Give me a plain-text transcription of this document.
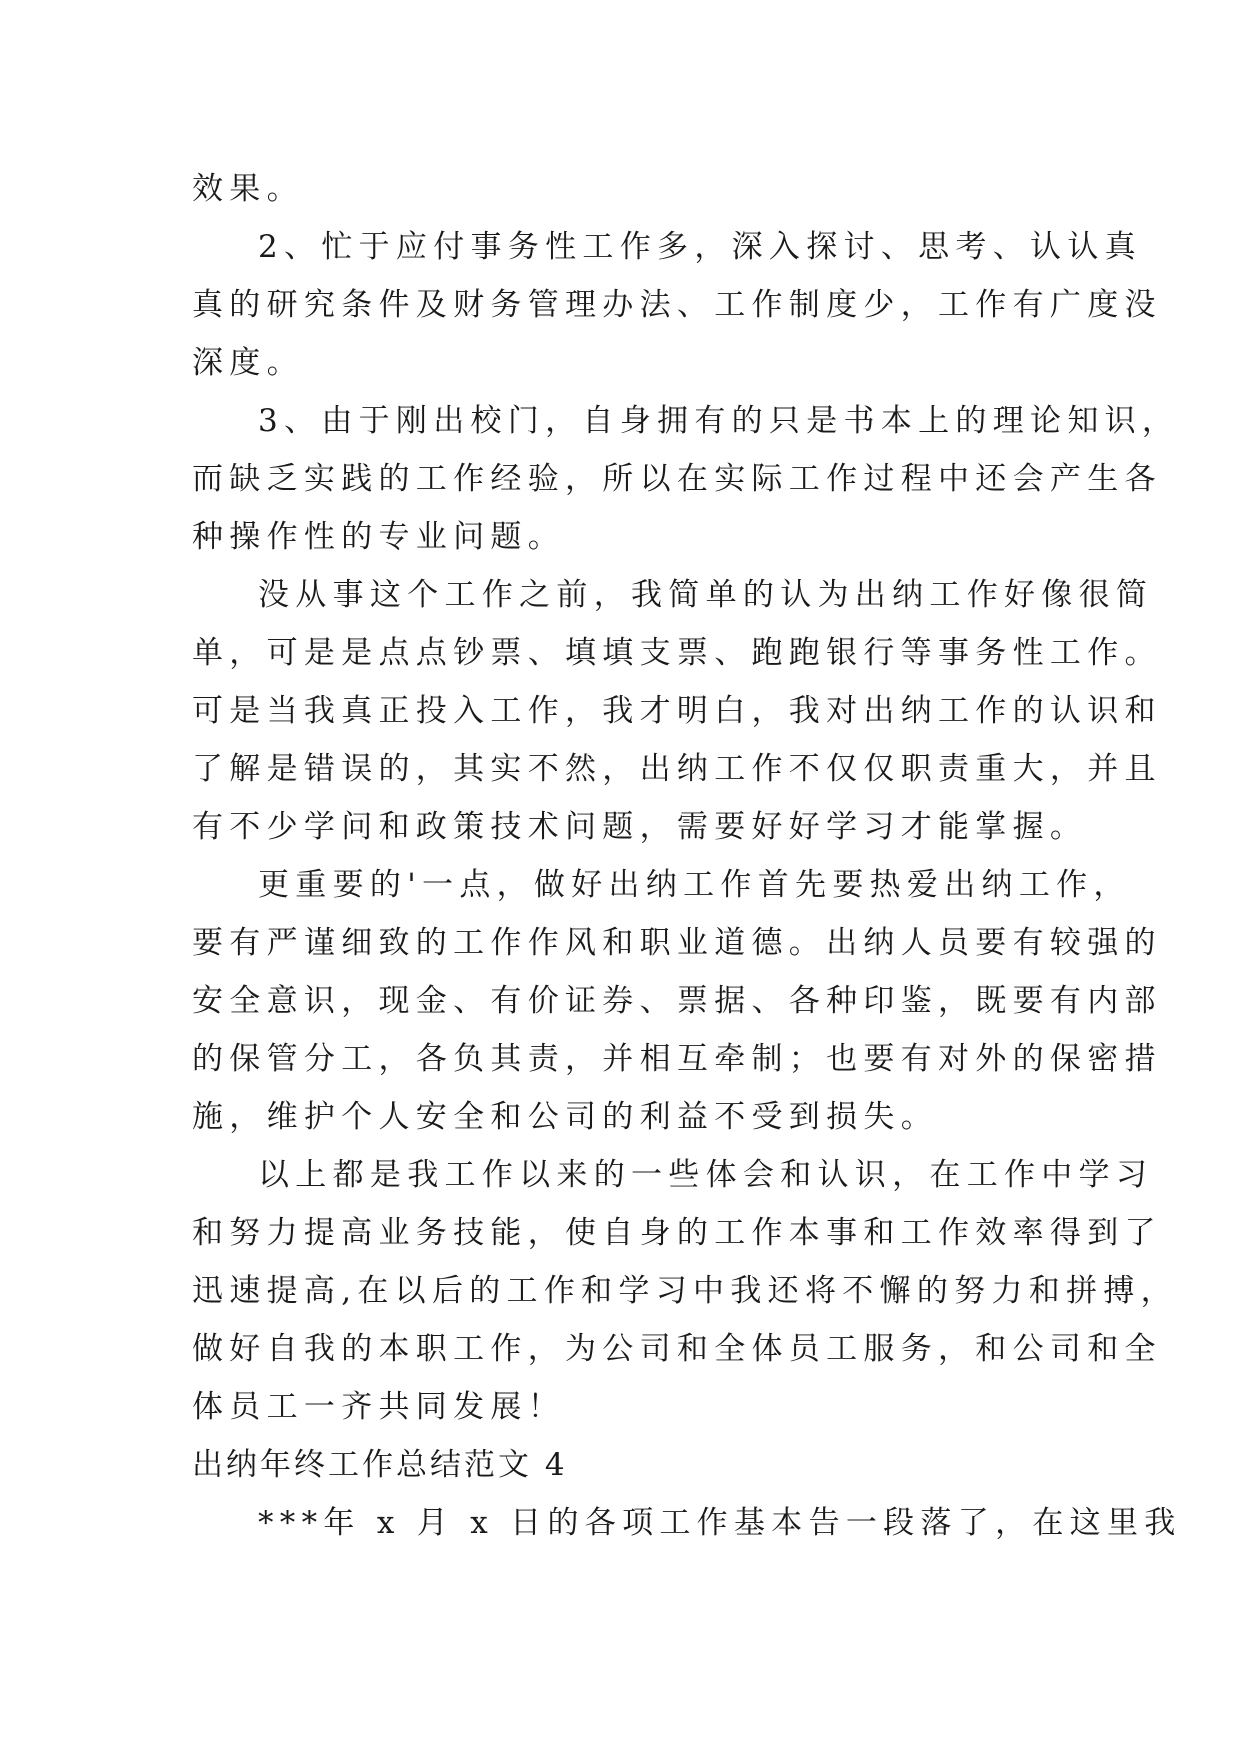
效果。
2、忙于应付事务性工作多，深入探讨、思考、认认真
真的研究条件及财务管理办法、工作制度少，工作有广度没
深度。
3、由于刚出校门，自身拥有的只是书本上的理论知识，
而缺乏实践的工作经验，所以在实际工作过程中还会产生各
种操作性的专业问题。
没从事这个工作之前，我简单的认为出纳工作好像很简
单，可是是点点钞票、填填支票、跑跑银行等事务性工作。
可是当我真正投入工作，我才明白，我对出纳工作的认识和
了解是错误的，其实不然，出纳工作不仅仅职责重大，并且
有不少学问和政策技术问题，需要好好学习才能掌握。
更重要的'一点，做好出纳工作首先要热爱出纳工作，
要有严谨细致的工作作风和职业道德。出纳人员要有较强的
安全意识，现金、有价证券、票据、各种印鉴，既要有内部
的保管分工，各负其责，并相互牵制；也要有对外的保密措
施，维护个人安全和公司的利益不受到损失。
以上都是我工作以来的一些体会和认识，在工作中学习
和努力提高业务技能，使自身的工作本事和工作效率得到了
迅速提高,在以后的工作和学习中我还将不懈的努力和拼搏，
做好自我的本职工作，为公司和全体员工服务，和公司和全
体员工一齐共同发展！
出纳年终工作总结范文 4
***年 x 月 x 日的各项工作基本告一段落了，在这里我
